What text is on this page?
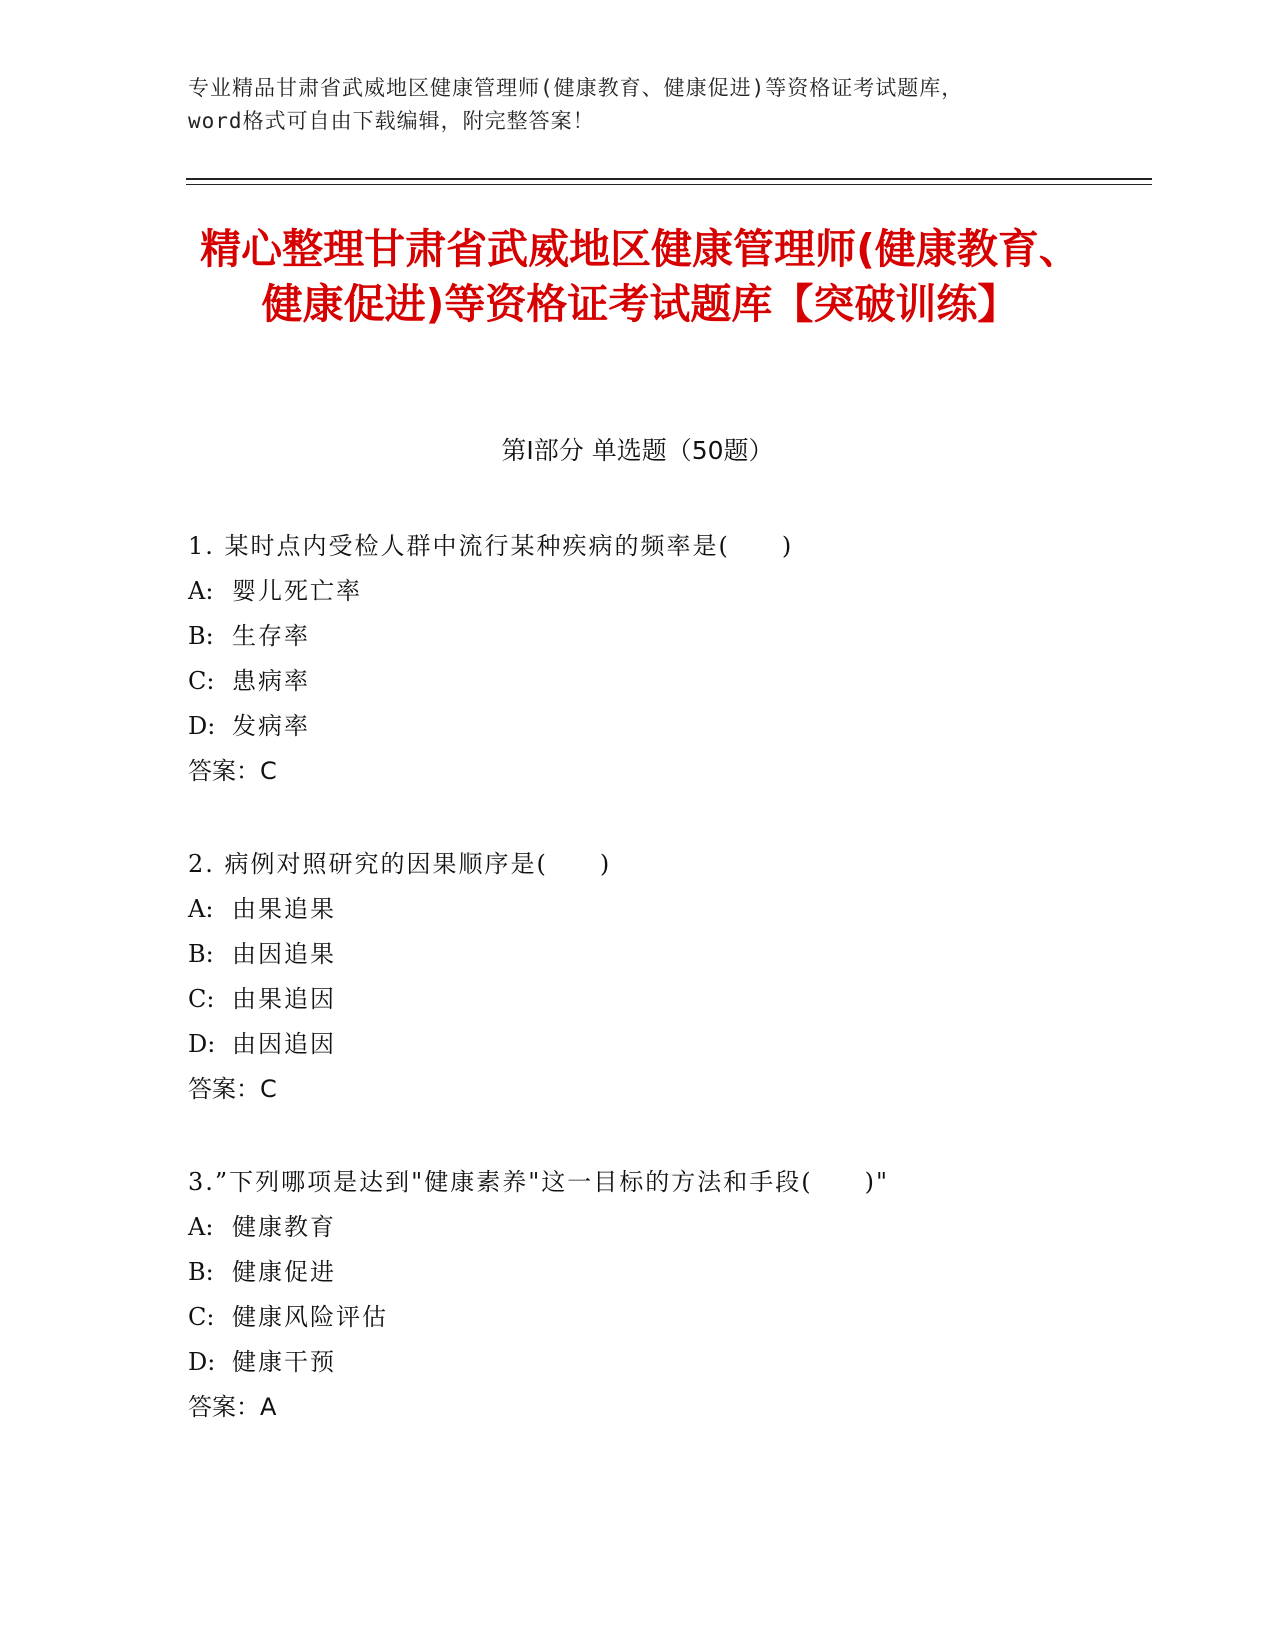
专业精品甘肃省武威地区健康管理师(健康教育、健康促进)等资格证考试题库，
word格式可自由下载编辑，附完整答案！
精心整理甘肃省武威地区健康管理师(健康教育、健康促进)等资格证考试题库【突破训练】
第Ⅰ部分 单选题（50题）
1. 某时点内受检人群中流行某种疾病的频率是(　　)
A: 婴儿死亡率
B: 生存率
C: 患病率
D: 发病率
答案：C
2. 病例对照研究的因果顺序是(　　)
A: 由果追果
B: 由因追果
C: 由果追因
D: 由因追因
答案：C
3.”下列哪项是达到"健康素养"这一目标的方法和手段(　　)"
A: 健康教育
B: 健康促进
C: 健康风险评估
D: 健康干预
答案：A
